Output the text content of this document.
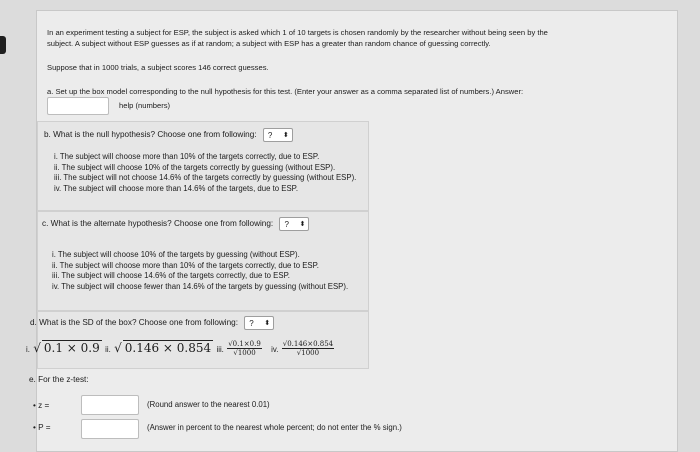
In an experiment testing a subject for ESP, the subject is asked which 1 of 10 targets is chosen randomly by the researcher without being seen by the
subject. A subject without ESP guesses as if at random; a subject with ESP has a greater than random chance of guessing correctly.
Suppose that in 1000 trials, a subject scores 146 correct guesses.
a. Set up the box model corresponding to the null hypothesis for this test. (Enter your answer as a comma separated list of numbers.) Answer:
help (numbers)
b. What is the null hypothesis? Choose one from following: ? ⬍
i. The subject will choose more than 10% of the targets correctly, due to ESP.
ii. The subject will choose 10% of the targets correctly by guessing (without ESP).
iii. The subject will not choose 14.6% of the targets correctly by guessing (without ESP).
iv. The subject will choose more than 14.6% of the targets, due to ESP.
c. What is the alternate hypothesis? Choose one from following: ? ⬍
i. The subject will choose 10% of the targets by guessing (without ESP).
ii. The subject will choose more than 10% of the targets correctly, due to ESP.
iii. The subject will choose 14.6% of the targets correctly, due to ESP.
iv. The subject will choose fewer than 14.6% of the targets by guessing (without ESP).
d. What is the SD of the box? Choose one from following: ? ⬍
i. √ 0.1 × 0.9 ii. √ 0.146 × 0.854 iii. $\frac{√0.1\times 0.9}{√1000}$ iv. $\frac{√0.146\times 0.854}{√1000}$
e. For the z-test:
• z =	(Round answer to the nearest 0.01)
• P =	(Answer in percent to the nearest whole percent; do not enter the % sign.)
